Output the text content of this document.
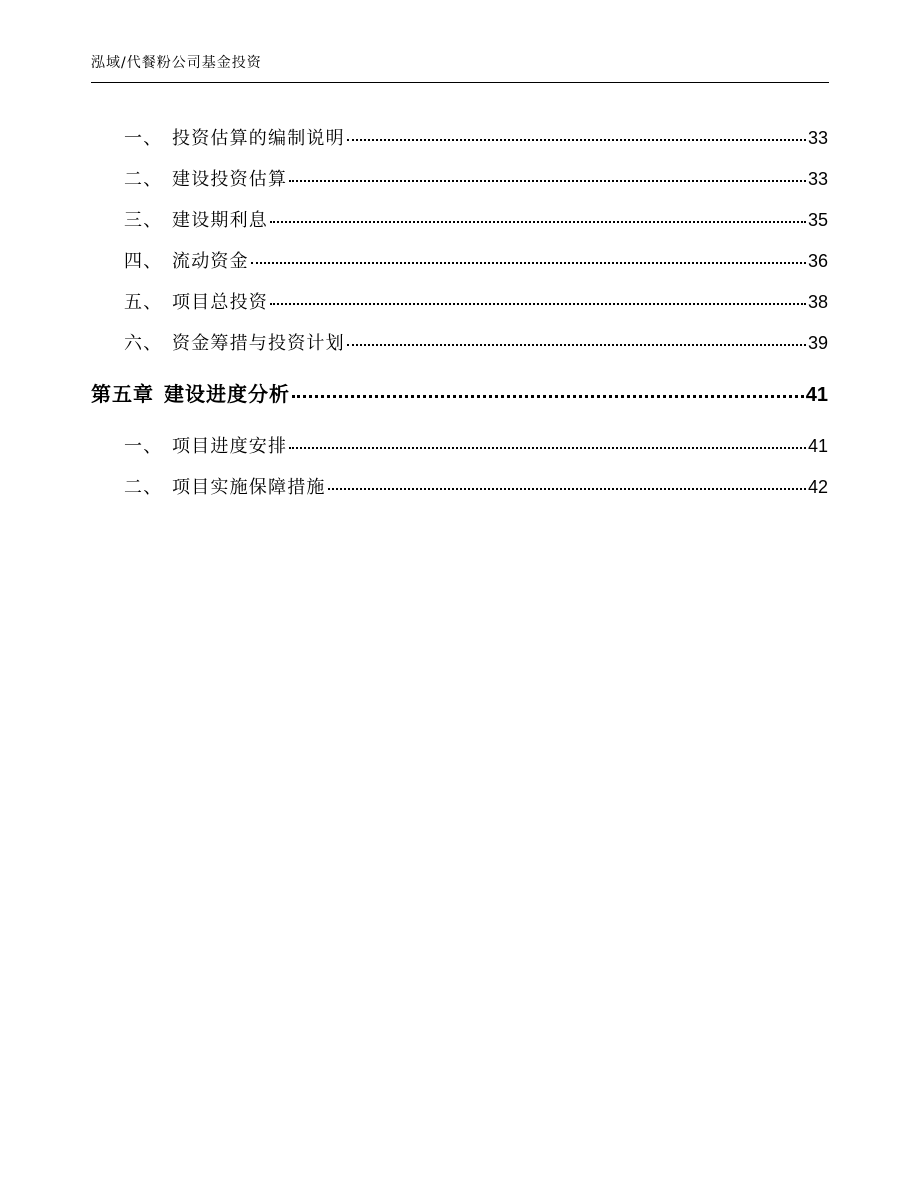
泓域/代餐粉公司基金投资
一、 投资估算的编制说明	33
二、 建设投资估算	33
三、 建设期利息	35
四、 流动资金	36
五、 项目总投资	38
六、 资金筹措与投资计划	39
第五章 建设进度分析	41
一、 项目进度安排	41
二、 项目实施保障措施	42
